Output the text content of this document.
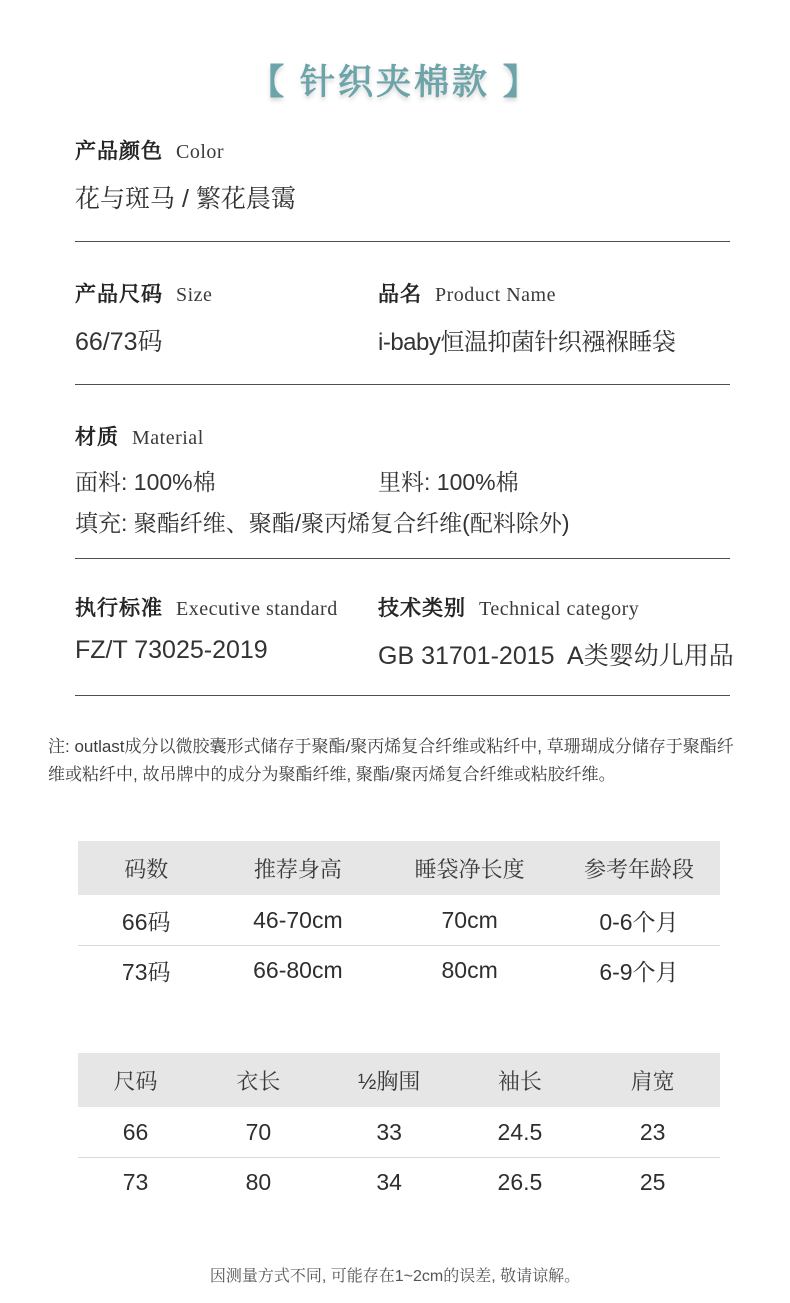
【 针织夹棉款 】
产品颜色 Color
花与斑马 / 繁花晨霭
产品尺码 Size
66/73码
品名 Product Name
i-baby恒温抑菌针织襁褓睡袋
材质 Material
面料: 100%棉	里料: 100%棉
填充: 聚酯纤维、聚酯/聚丙烯复合纤维(配料除外)
执行标准 Executive standard
FZ/T 73025-2019
技术类别 Technical category
GB 31701-2015  A类婴幼儿用品

注: outlast成分以微胶囊形式储存于聚酯/聚丙烯复合纤维或粘纤中, 草珊瑚成分储存于聚酯纤维或粘纤中, 故吊牌中的成分为聚酯纤维, 聚酯/聚丙烯复合纤维或粘胶纤维。

码数	推荐身高	睡袋净长度	参考年龄段
66码	46-70cm	70cm	0-6个月
73码	66-80cm	80cm	6-9个月
尺码	衣长	½胸围	袖长	肩宽
66	70	33	24.5	23
73	80	34	26.5	25
因测量方式不同, 可能存在1~2cm的误差, 敬请谅解。
